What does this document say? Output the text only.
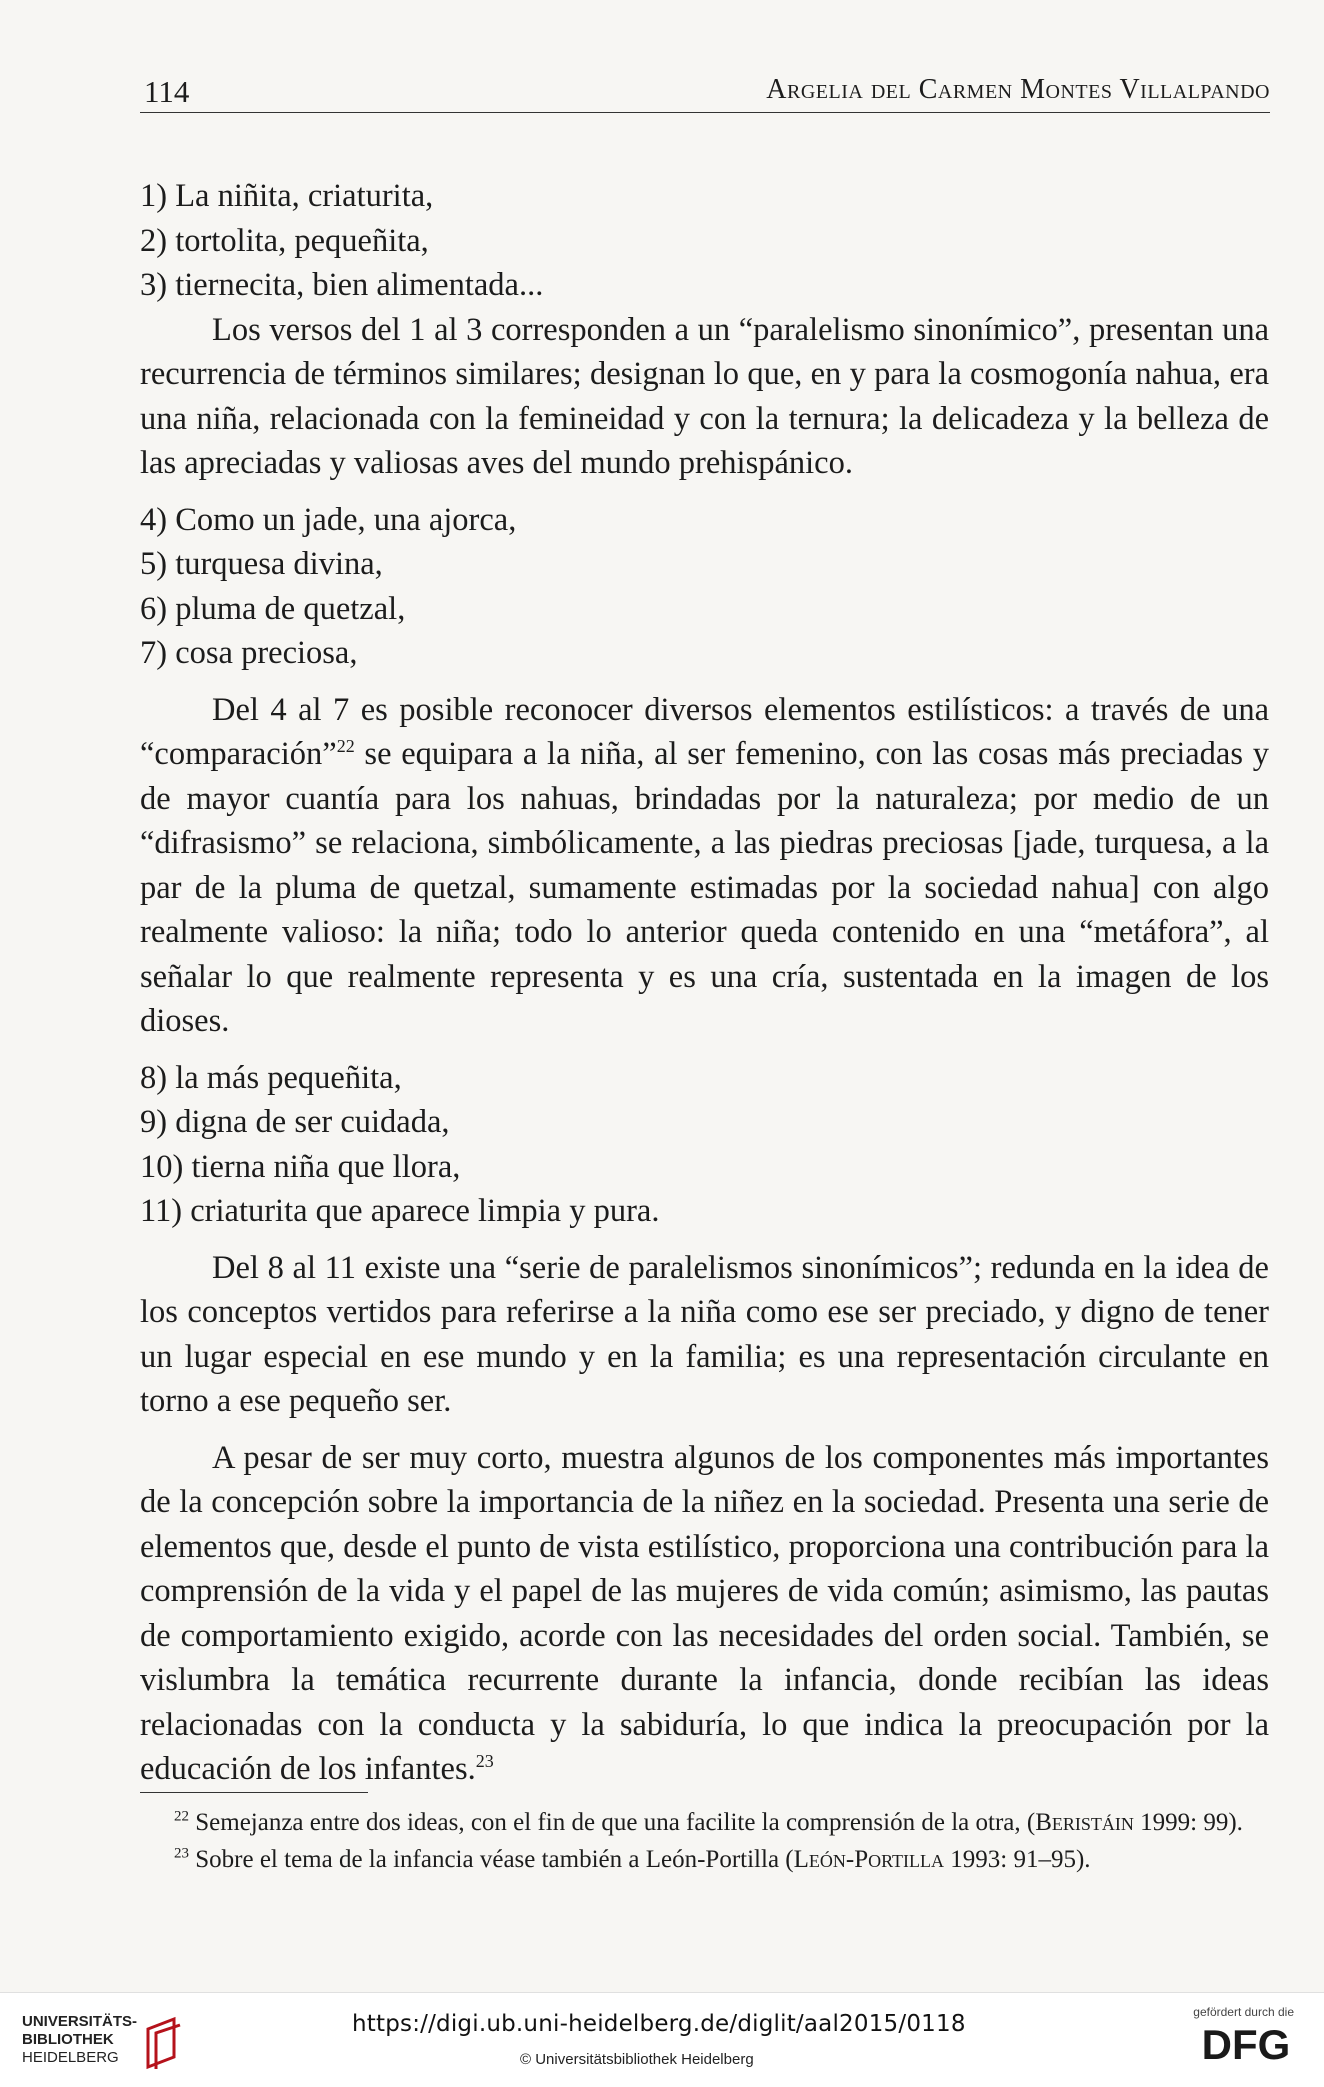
114	Argelia del Carmen Montes Villalpando

1) La niñita, criaturita,

2) tortolita, pequeñita,

3) tiernecita, bien alimentada...

Los versos del 1 al 3 corresponden a un “paralelismo sinonímico”, presentan una recurrencia de términos similares; designan lo que, en y para la cosmogonía nahua, era una niña, relacionada con la femineidad y con la ternura; la delicadeza y la belleza de las apreciadas y valiosas aves del mundo prehispánico.

4) Como un jade, una ajorca,

5) turquesa divina,

6) pluma de quetzal,

7) cosa preciosa,

Del 4 al 7 es posible reconocer diversos elementos estilísticos: a través de una “comparación”$^{22}$ se equipara a la niña, al ser femenino, con las cosas más preciadas y de mayor cuantía para los nahuas, brindadas por la naturaleza; por medio de un “difrasismo” se relaciona, simbólicamente, a las piedras preciosas [jade, turquesa, a la par de la pluma de quetzal, sumamente estimadas por la sociedad nahua] con algo realmente valioso: la niña; todo lo anterior queda contenido en una “metáfora”, al señalar lo que realmente representa y es una cría, sustentada en la imagen de los dioses.

8) la más pequeñita,

9) digna de ser cuidada,

10) tierna niña que llora,

11) criaturita que aparece limpia y pura.

Del 8 al 11 existe una “serie de paralelismos sinonímicos”; redunda en la idea de los conceptos vertidos para referirse a la niña como ese ser preciado, y digno de tener un lugar especial en ese mundo y en la familia; es una representación circulante en torno a ese pequeño ser.

A pesar de ser muy corto, muestra algunos de los componentes más importantes de la concepción sobre la importancia de la niñez en la sociedad. Presenta una serie de elementos que, desde el punto de vista estilístico, proporciona una contribución para la comprensión de la vida y el papel de las mujeres de vida común; asimismo, las pautas de comportamiento exigido, acorde con las necesidades del orden social. También, se vislumbra la temática recurrente durante la infancia, donde recibían las ideas relacionadas con la conducta y la sabiduría, lo que indica la preocupación por la educación de los infantes.$^{23}$

$^{22}$ Semejanza entre dos ideas, con el fin de que una facilite la comprensión de la otra, (Beristáin 1999: 99).

$^{23}$ Sobre el tema de la infancia véase también a León-Portilla (León-Portilla 1993: 91–95).

UNIVERSITÄTS-
BIBLIOTHEK
HEIDELBERG
https://digi.ub.uni-heidelberg.de/diglit/aal2015/0118
© Universitätsbibliothek Heidelberg
gefördert durch die
DFG
